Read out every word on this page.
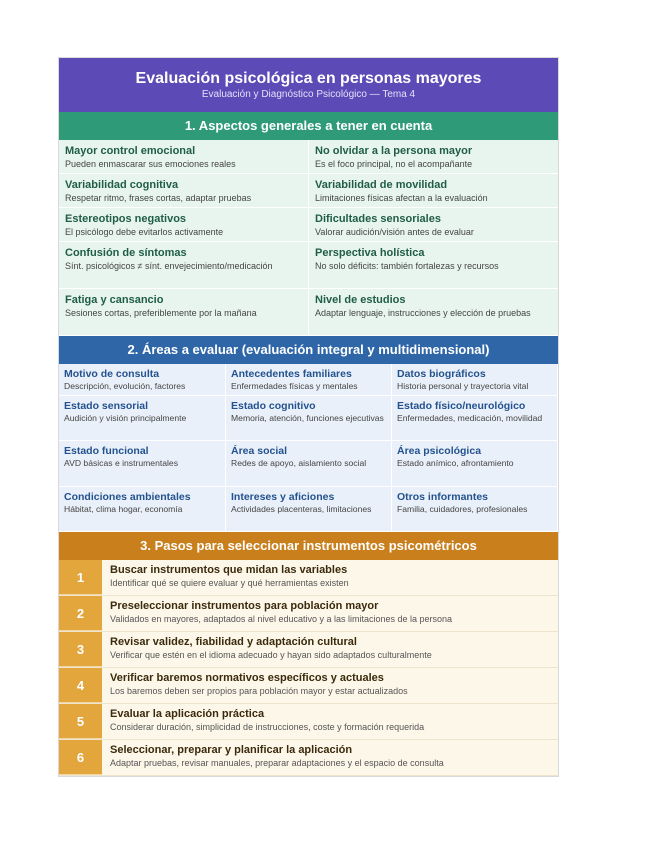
Evaluación psicológica en personas mayores
Evaluación y Diagnóstico Psicológico — Tema 4
1. Aspectos generales a tener en cuenta
Mayor control emocional
Pueden enmascarar sus emociones reales
No olvidar a la persona mayor
Es el foco principal, no el acompañante
Variabilidad cognitiva
Respetar ritmo, frases cortas, adaptar pruebas
Variabilidad de movilidad
Limitaciones físicas afectan a la evaluación
Estereotipos negativos
El psicólogo debe evitarlos activamente
Dificultades sensoriales
Valorar audición/visión antes de evaluar
Confusión de síntomas
Sínt. psicológicos ≠ sínt. envejecimiento/medicación
Perspectiva holística
No solo déficits: también fortalezas y recursos
Fatiga y cansancio
Sesiones cortas, preferiblemente por la mañana
Nivel de estudios
Adaptar lenguaje, instrucciones y elección de pruebas
2. Áreas a evaluar (evaluación integral y multidimensional)
Motivo de consulta
Descripción, evolución, factores
Antecedentes familiares
Enfermedades físicas y mentales
Datos biográficos
Historia personal y trayectoria vital
Estado sensorial
Audición y visión principalmente
Estado cognitivo
Memoria, atención, funciones ejecutivas
Estado físico/neurológico
Enfermedades, medicación, movilidad
Estado funcional
AVD básicas e instrumentales
Área social
Redes de apoyo, aislamiento social
Área psicológica
Estado anímico, afrontamiento
Condiciones ambientales
Hábitat, clima hogar, economía
Intereses y aficiones
Actividades placenteras, limitaciones
Otros informantes
Familia, cuidadores, profesionales
3. Pasos para seleccionar instrumentos psicométricos
1	Buscar instrumentos que midan las variables
Identificar qué se quiere evaluar y qué herramientas existen
2	Preseleccionar instrumentos para población mayor
Validados en mayores, adaptados al nivel educativo y a las limitaciones de la persona
3	Revisar validez, fiabilidad y adaptación cultural
Verificar que estén en el idioma adecuado y hayan sido adaptados culturalmente
4	Verificar baremos normativos específicos y actuales
Los baremos deben ser propios para población mayor y estar actualizados
5	Evaluar la aplicación práctica
Considerar duración, simplicidad de instrucciones, coste y formación requerida
6	Seleccionar, preparar y planificar la aplicación
Adaptar pruebas, revisar manuales, preparar adaptaciones y el espacio de consulta
